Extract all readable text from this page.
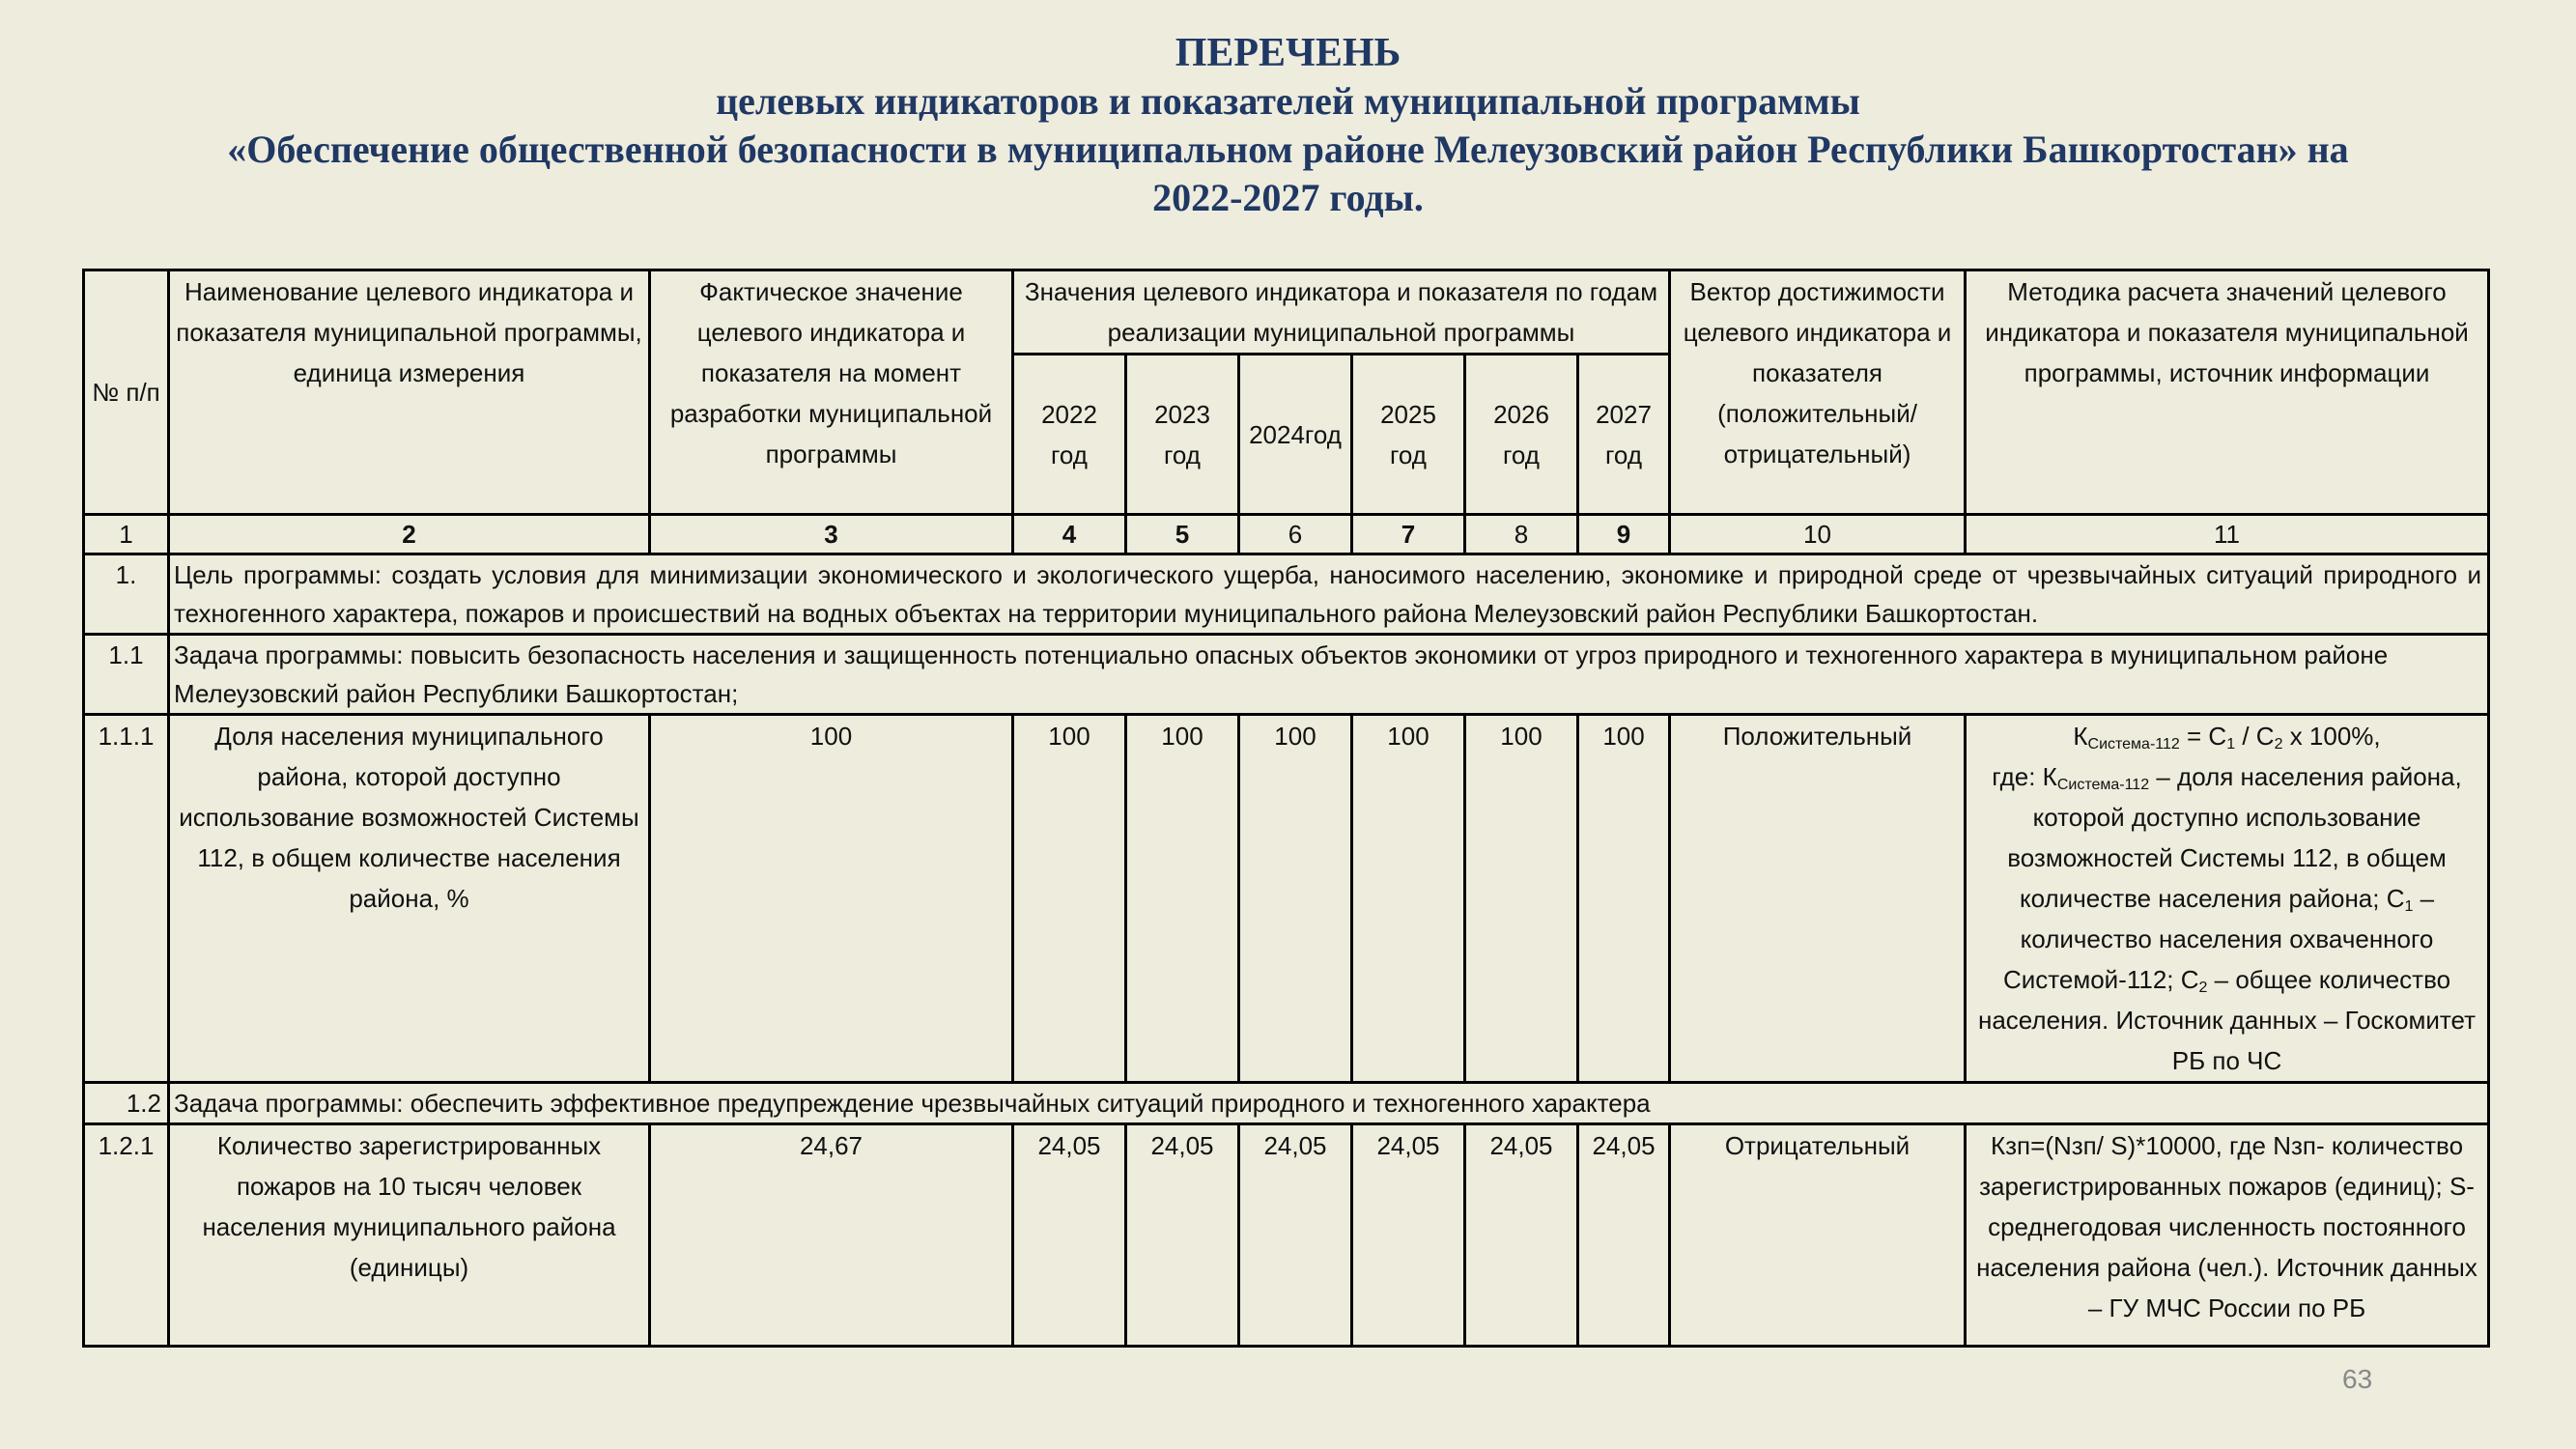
ПЕРЕЧЕНЬ
целевых индикаторов и показателей муниципальной программы
«Обеспечение общественной безопасности в муниципальном районе Мелеузовский район Республики Башкортостан» на
2022-2027 годы.
№ п/п	Наименование целевого индикатора и показателя муниципальной программы, единица измерения	Фактическое значение целевого индикатора и показателя на момент разработки муниципальной программы	Значения целевого индикатора и показателя по годам реализации муниципальной программы						Вектор достижимости целевого индикатора и показателя (положительный/отрицательный)	Методика расчета значений целевого индикатора и показателя муниципальной программы, источник информации
			2022 год	2023 год	2024год	2025 год	2026 год	2027 год		
1	2	3	4	5	6	7	8	9	10	11
1.	Цель программы: создать условия для минимизации экономического и экологического ущерба, наносимого населению, экономике и природной среде от чрезвычайных ситуаций природного и техногенного характера, пожаров и происшествий на водных объектах на территории муниципального района Мелеузовский район Республики Башкортостан.									
1.1	Задача программы: повысить безопасность населения и защищенность потенциально опасных объектов экономики от угроз природного и техногенного характера в муниципальном районе Мелеузовский район Республики Башкортостан;									
1.1.1	Доля населения муниципального района, которой доступно использование возможностей Системы 112, в общем количестве населения района, %	100	100	100	100	100	100	100	Положительный	$К_{Система-112} = С_1 / С_2$ х 100%,
где: $К_{Система-112}$ – доля населения района, которой доступно использование возможностей Системы 112, в общем количестве населения района; $С_1$ – количество населения охваченного Системой-112; $С_2$ – общее количество населения. Источник данных – Госкомитет РБ по ЧС
1.2	Задача программы: обеспечить эффективное предупреждение чрезвычайных ситуаций природного и техногенного характера									
1.2.1	Количество зарегистрированных пожаров на 10 тысяч человек населения муниципального района (единицы)	24,67	24,05	24,05	24,05	24,05	24,05	24,05	Отрицательный	Кзп=(Nзп/ S)*10000, где Nзп- количество зарегистрированных пожаров (единиц); S- среднегодовая численность постоянного населения района (чел.). Источник данных – ГУ МЧС России по РБ
63
